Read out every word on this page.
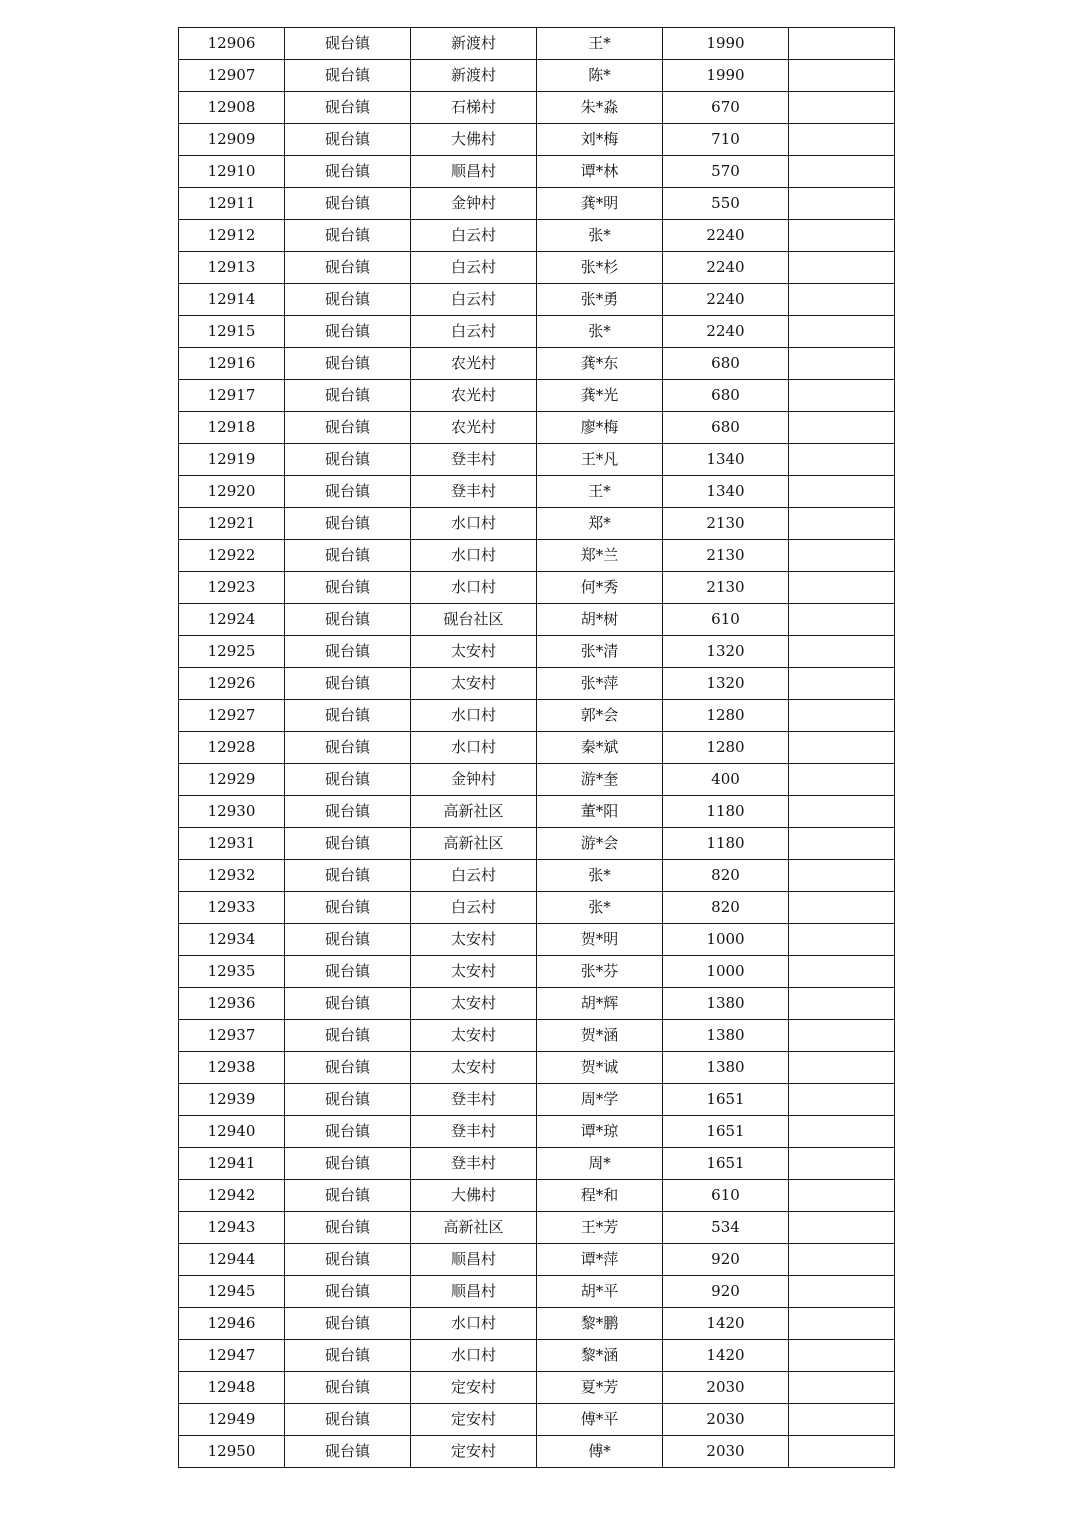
12906	砚台镇	新渡村	王*	1990	
12907	砚台镇	新渡村	陈*	1990	
12908	砚台镇	石梯村	朱*淼	670	
12909	砚台镇	大佛村	刘*梅	710	
12910	砚台镇	顺昌村	谭*林	570	
12911	砚台镇	金钟村	龚*明	550	
12912	砚台镇	白云村	张*	2240	
12913	砚台镇	白云村	张*杉	2240	
12914	砚台镇	白云村	张*勇	2240	
12915	砚台镇	白云村	张*	2240	
12916	砚台镇	农光村	龚*东	680	
12917	砚台镇	农光村	龚*光	680	
12918	砚台镇	农光村	廖*梅	680	
12919	砚台镇	登丰村	王*凡	1340	
12920	砚台镇	登丰村	王*	1340	
12921	砚台镇	水口村	郑*	2130	
12922	砚台镇	水口村	郑*兰	2130	
12923	砚台镇	水口村	何*秀	2130	
12924	砚台镇	砚台社区	胡*树	610	
12925	砚台镇	太安村	张*清	1320	
12926	砚台镇	太安村	张*萍	1320	
12927	砚台镇	水口村	郭*会	1280	
12928	砚台镇	水口村	秦*斌	1280	
12929	砚台镇	金钟村	游*奎	400	
12930	砚台镇	高新社区	董*阳	1180	
12931	砚台镇	高新社区	游*会	1180	
12932	砚台镇	白云村	张*	820	
12933	砚台镇	白云村	张*	820	
12934	砚台镇	太安村	贺*明	1000	
12935	砚台镇	太安村	张*芬	1000	
12936	砚台镇	太安村	胡*辉	1380	
12937	砚台镇	太安村	贺*涵	1380	
12938	砚台镇	太安村	贺*诚	1380	
12939	砚台镇	登丰村	周*学	1651	
12940	砚台镇	登丰村	谭*琼	1651	
12941	砚台镇	登丰村	周*	1651	
12942	砚台镇	大佛村	程*和	610	
12943	砚台镇	高新社区	王*芳	534	
12944	砚台镇	顺昌村	谭*萍	920	
12945	砚台镇	顺昌村	胡*平	920	
12946	砚台镇	水口村	黎*鹏	1420	
12947	砚台镇	水口村	黎*涵	1420	
12948	砚台镇	定安村	夏*芳	2030	
12949	砚台镇	定安村	傅*平	2030	
12950	砚台镇	定安村	傅*	2030	
